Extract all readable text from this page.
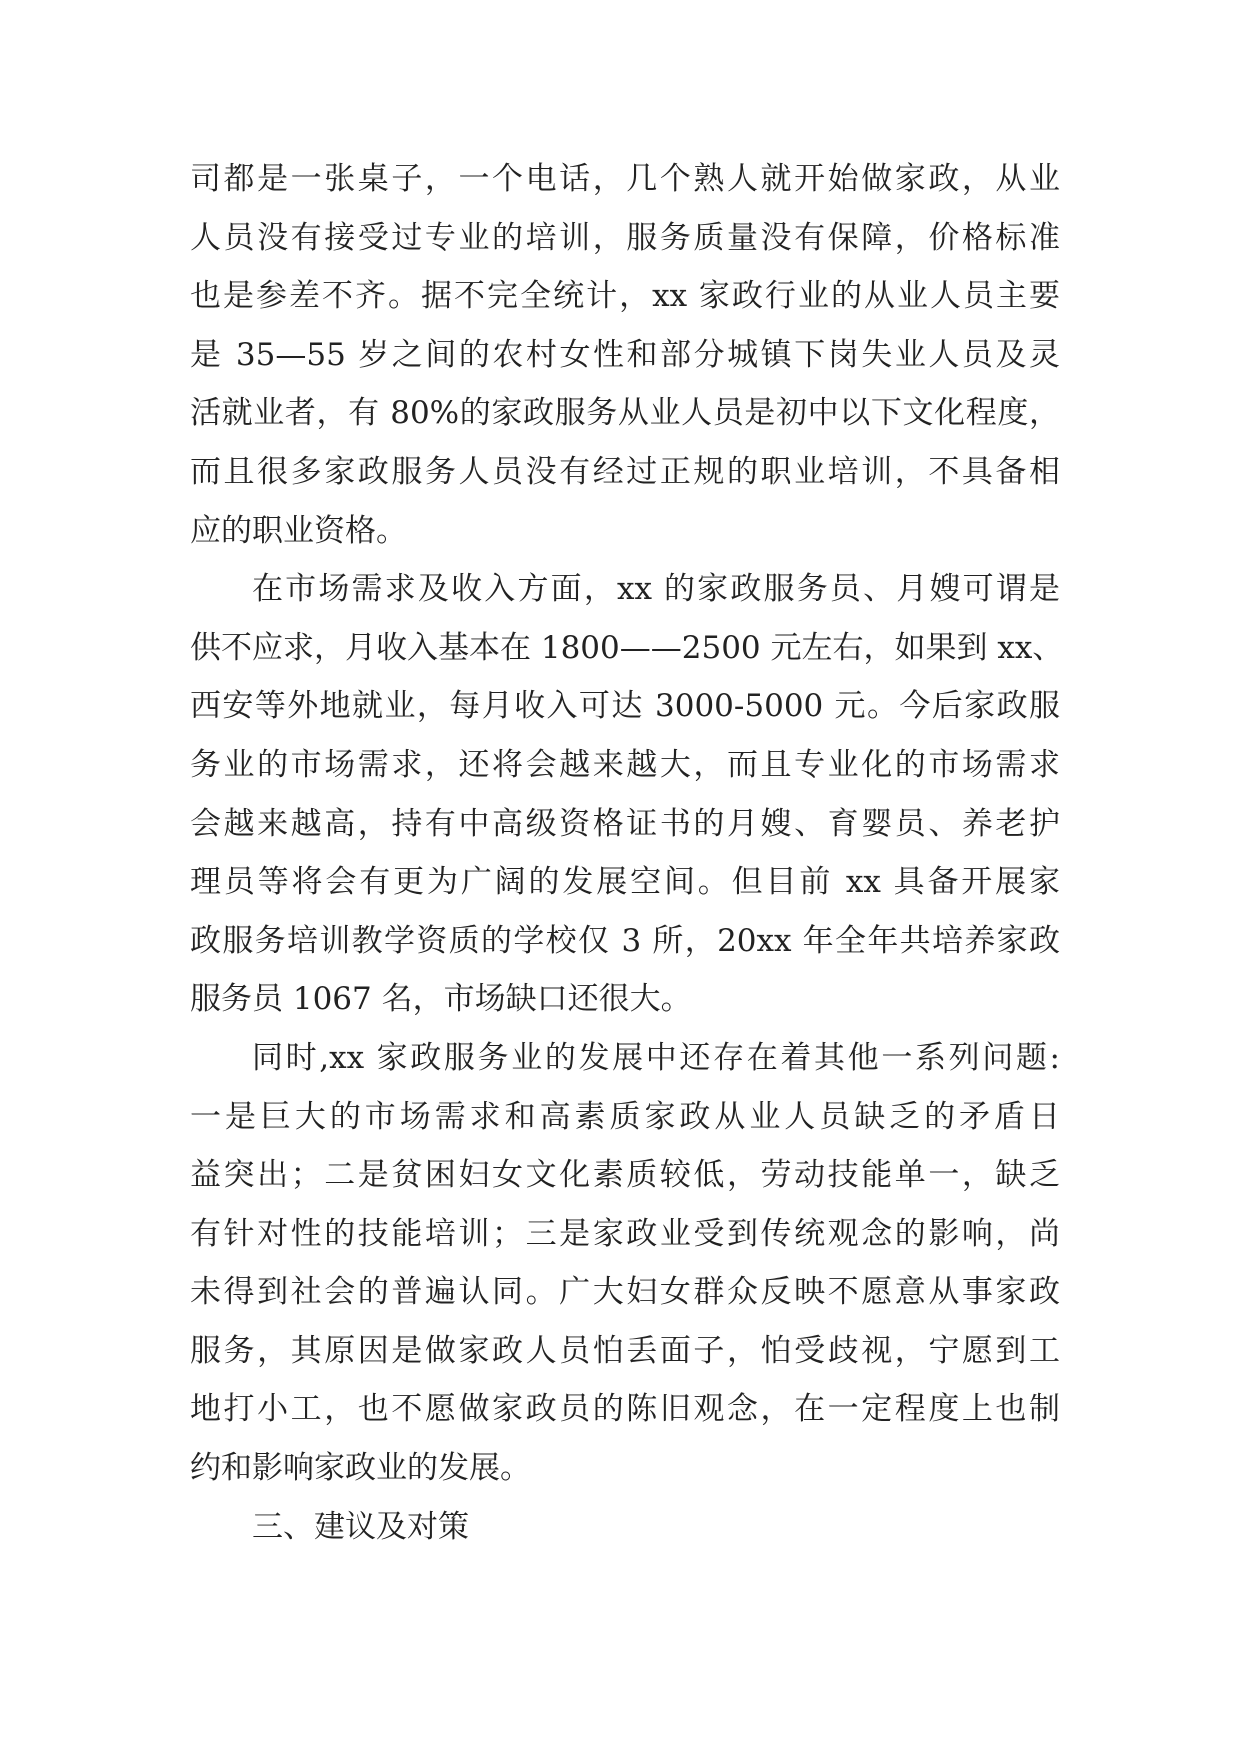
司都是一张桌子，一个电话，几个熟人就开始做家政，从业
人员没有接受过专业的培训，服务质量没有保障，价格标准
也是参差不齐。据不完全统计，xx 家政行业的从业人员主要
是 35—55 岁之间的农村女性和部分城镇下岗失业人员及灵
活就业者，有 80%的家政服务从业人员是初中以下文化程度，
而且很多家政服务人员没有经过正规的职业培训，不具备相
应的职业资格。
在市场需求及收入方面，xx 的家政服务员、月嫂可谓是
供不应求，月收入基本在 1800——2500 元左右，如果到 xx、
西安等外地就业，每月收入可达 3000-5000 元。今后家政服
务业的市场需求，还将会越来越大，而且专业化的市场需求
会越来越高，持有中高级资格证书的月嫂、育婴员、养老护
理员等将会有更为广阔的发展空间。但目前 xx 具备开展家
政服务培训教学资质的学校仅 3 所，20xx 年全年共培养家政
服务员 1067 名，市场缺口还很大。
同时,xx 家政服务业的发展中还存在着其他一系列问题:
一是巨大的市场需求和高素质家政从业人员缺乏的矛盾日
益突出；二是贫困妇女文化素质较低，劳动技能单一，缺乏
有针对性的技能培训；三是家政业受到传统观念的影响，尚
未得到社会的普遍认同。广大妇女群众反映不愿意从事家政
服务，其原因是做家政人员怕丢面子，怕受歧视，宁愿到工
地打小工，也不愿做家政员的陈旧观念，在一定程度上也制
约和影响家政业的发展。
三、建议及对策
